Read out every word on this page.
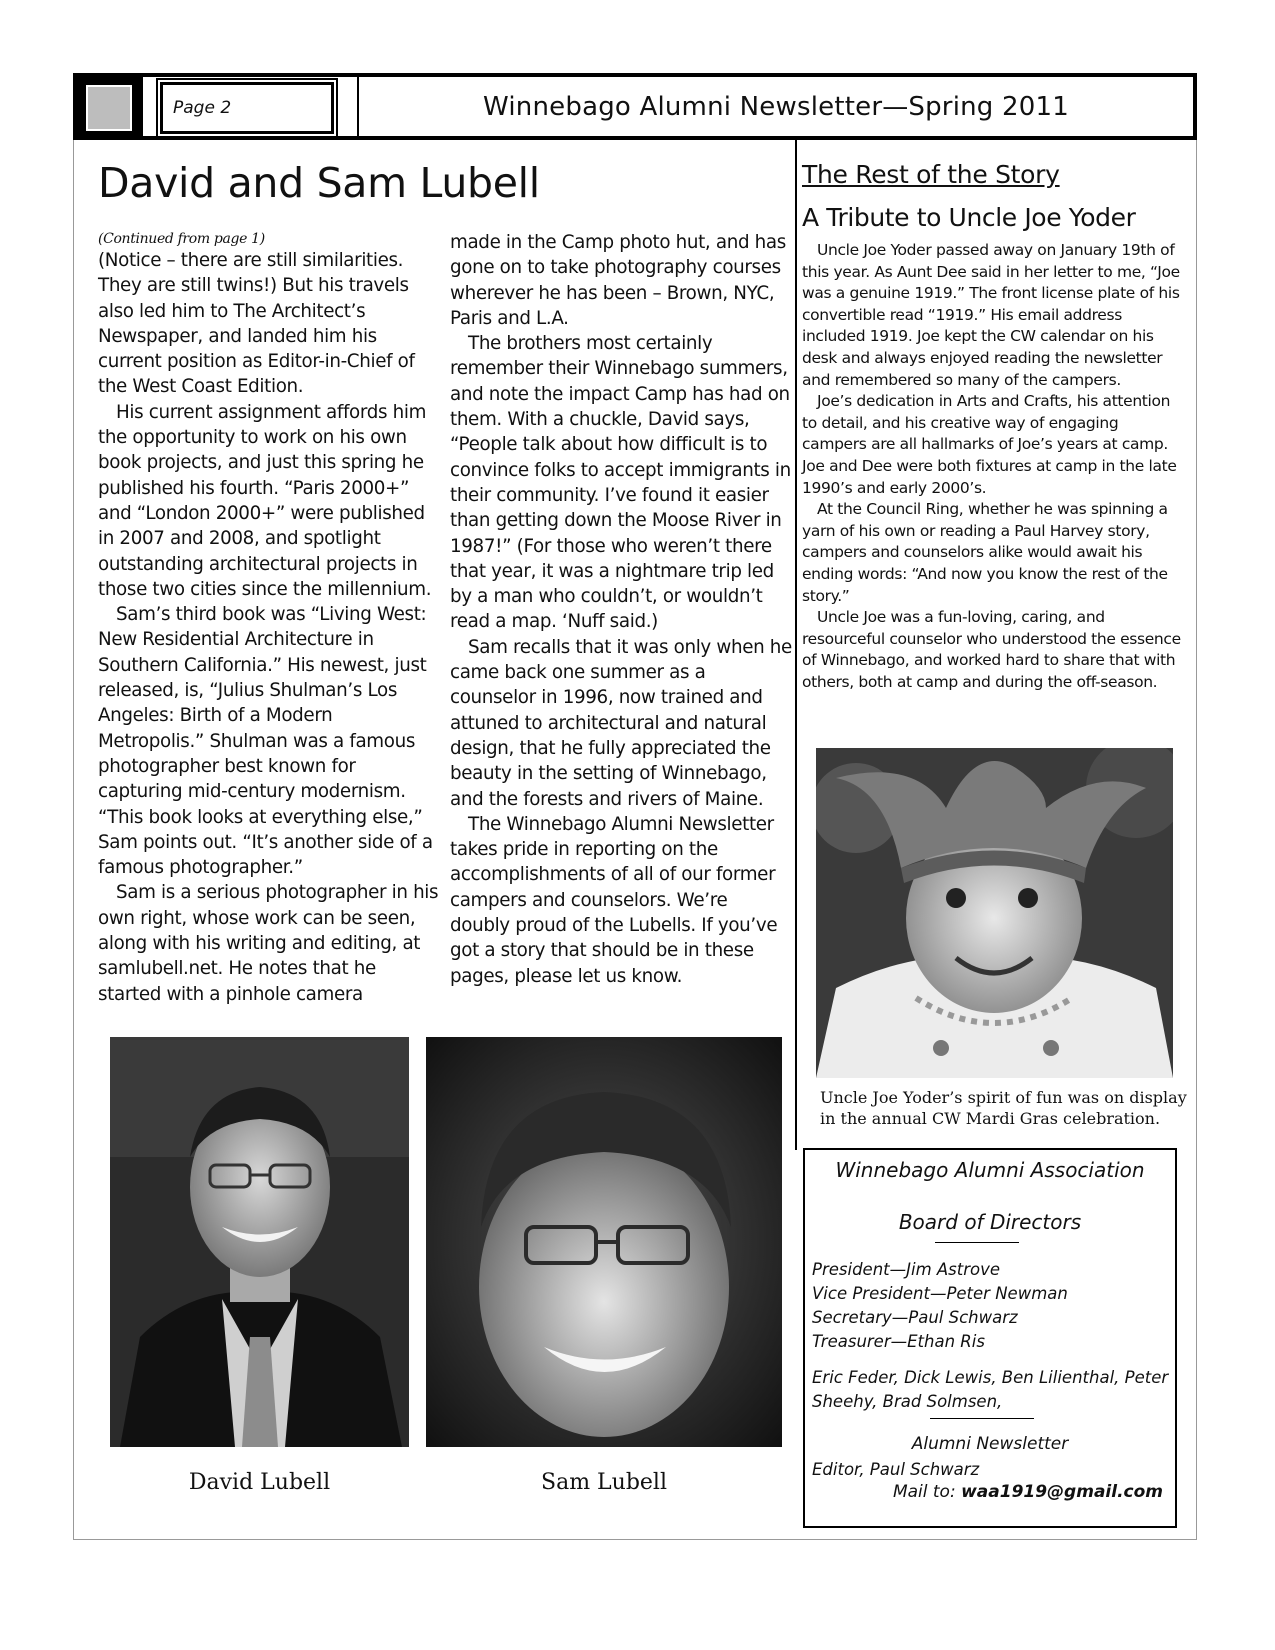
Page 2	Winnebago Alumni Newsletter—Spring 2011
David and Sam Lubell
(Continued from page 1)

(Notice – there are still similarities. They are still twins!) But his travels also led him to The Architect’s Newspaper, and landed him his current position as Editor-in-Chief of the West Coast Edition.

His current assignment affords him the opportunity to work on his own book projects, and just this spring he published his fourth. “Paris 2000+” and “London 2000+” were published in 2007 and 2008, and spotlight outstanding architectural projects in those two cities since the millennium.

Sam’s third book was “Living West: New Residential Architecture in Southern California.” His newest, just released, is, “Julius Shulman’s Los Angeles: Birth of a Modern Metropolis.” Shulman was a famous photographer best known for capturing mid-century modernism. “This book looks at everything else,” Sam points out. “It’s another side of a famous photographer.”

Sam is a serious photographer in his own right, whose work can be seen, along with his writing and editing, at samlubell.net. He notes that he started with a pinhole camera

made in the Camp photo hut, and has gone on to take photography courses wherever he has been – Brown, NYC, Paris and L.A.

The brothers most certainly remember their Winnebago summers, and note the impact Camp has had on them. With a chuckle, David says, “People talk about how difficult is to convince folks to accept immigrants in their community. I’ve found it easier than getting down the Moose River in 1987!” (For those who weren’t there that year, it was a nightmare trip led by a man who couldn’t, or wouldn’t read a map. ‘Nuff said.)

Sam recalls that it was only when he came back one summer as a counselor in 1996, now trained and attuned to architectural and natural design, that he fully appreciated the beauty in the setting of Winnebago, and the forests and rivers of Maine.

The Winnebago Alumni Newsletter takes pride in reporting on the accomplishments of all of our former campers and counselors. We’re doubly proud of the Lubells. If you’ve got a story that should be in these pages, please let us know.

David Lubell	Sam Lubell
The Rest of the Story
A Tribute to Uncle Joe Yoder

Uncle Joe Yoder passed away on January 19th of this year. As Aunt Dee said in her letter to me, “Joe was a genuine 1919.” The front license plate of his convertible read “1919.” His email address included 1919. Joe kept the CW calendar on his desk and always enjoyed reading the newsletter and remembered so many of the campers.

Joe’s dedication in Arts and Crafts, his attention to detail, and his creative way of engaging campers are all hallmarks of Joe’s years at camp. Joe and Dee were both fixtures at camp in the late 1990’s and early 2000’s.

At the Council Ring, whether he was spinning a yarn of his own or reading a Paul Harvey story, campers and counselors alike would await his ending words: “And now you know the rest of the story.”

Uncle Joe was a fun-loving, caring, and resourceful counselor who understood the essence of Winnebago, and worked hard to share that with others, both at camp and during the off-season.

Uncle Joe Yoder’s spirit of fun was on display in the annual CW Mardi Gras celebration.
Winnebago Alumni Association
Board of Directors
President—Jim Astrove
Vice President—Peter Newman
Secretary—Paul Schwarz
Treasurer—Ethan Ris
Eric Feder, Dick Lewis, Ben Lilienthal, Peter
Sheehy, Brad Solmsen,
Alumni Newsletter
Editor, Paul Schwarz
Mail to: waa1919@gmail.com
